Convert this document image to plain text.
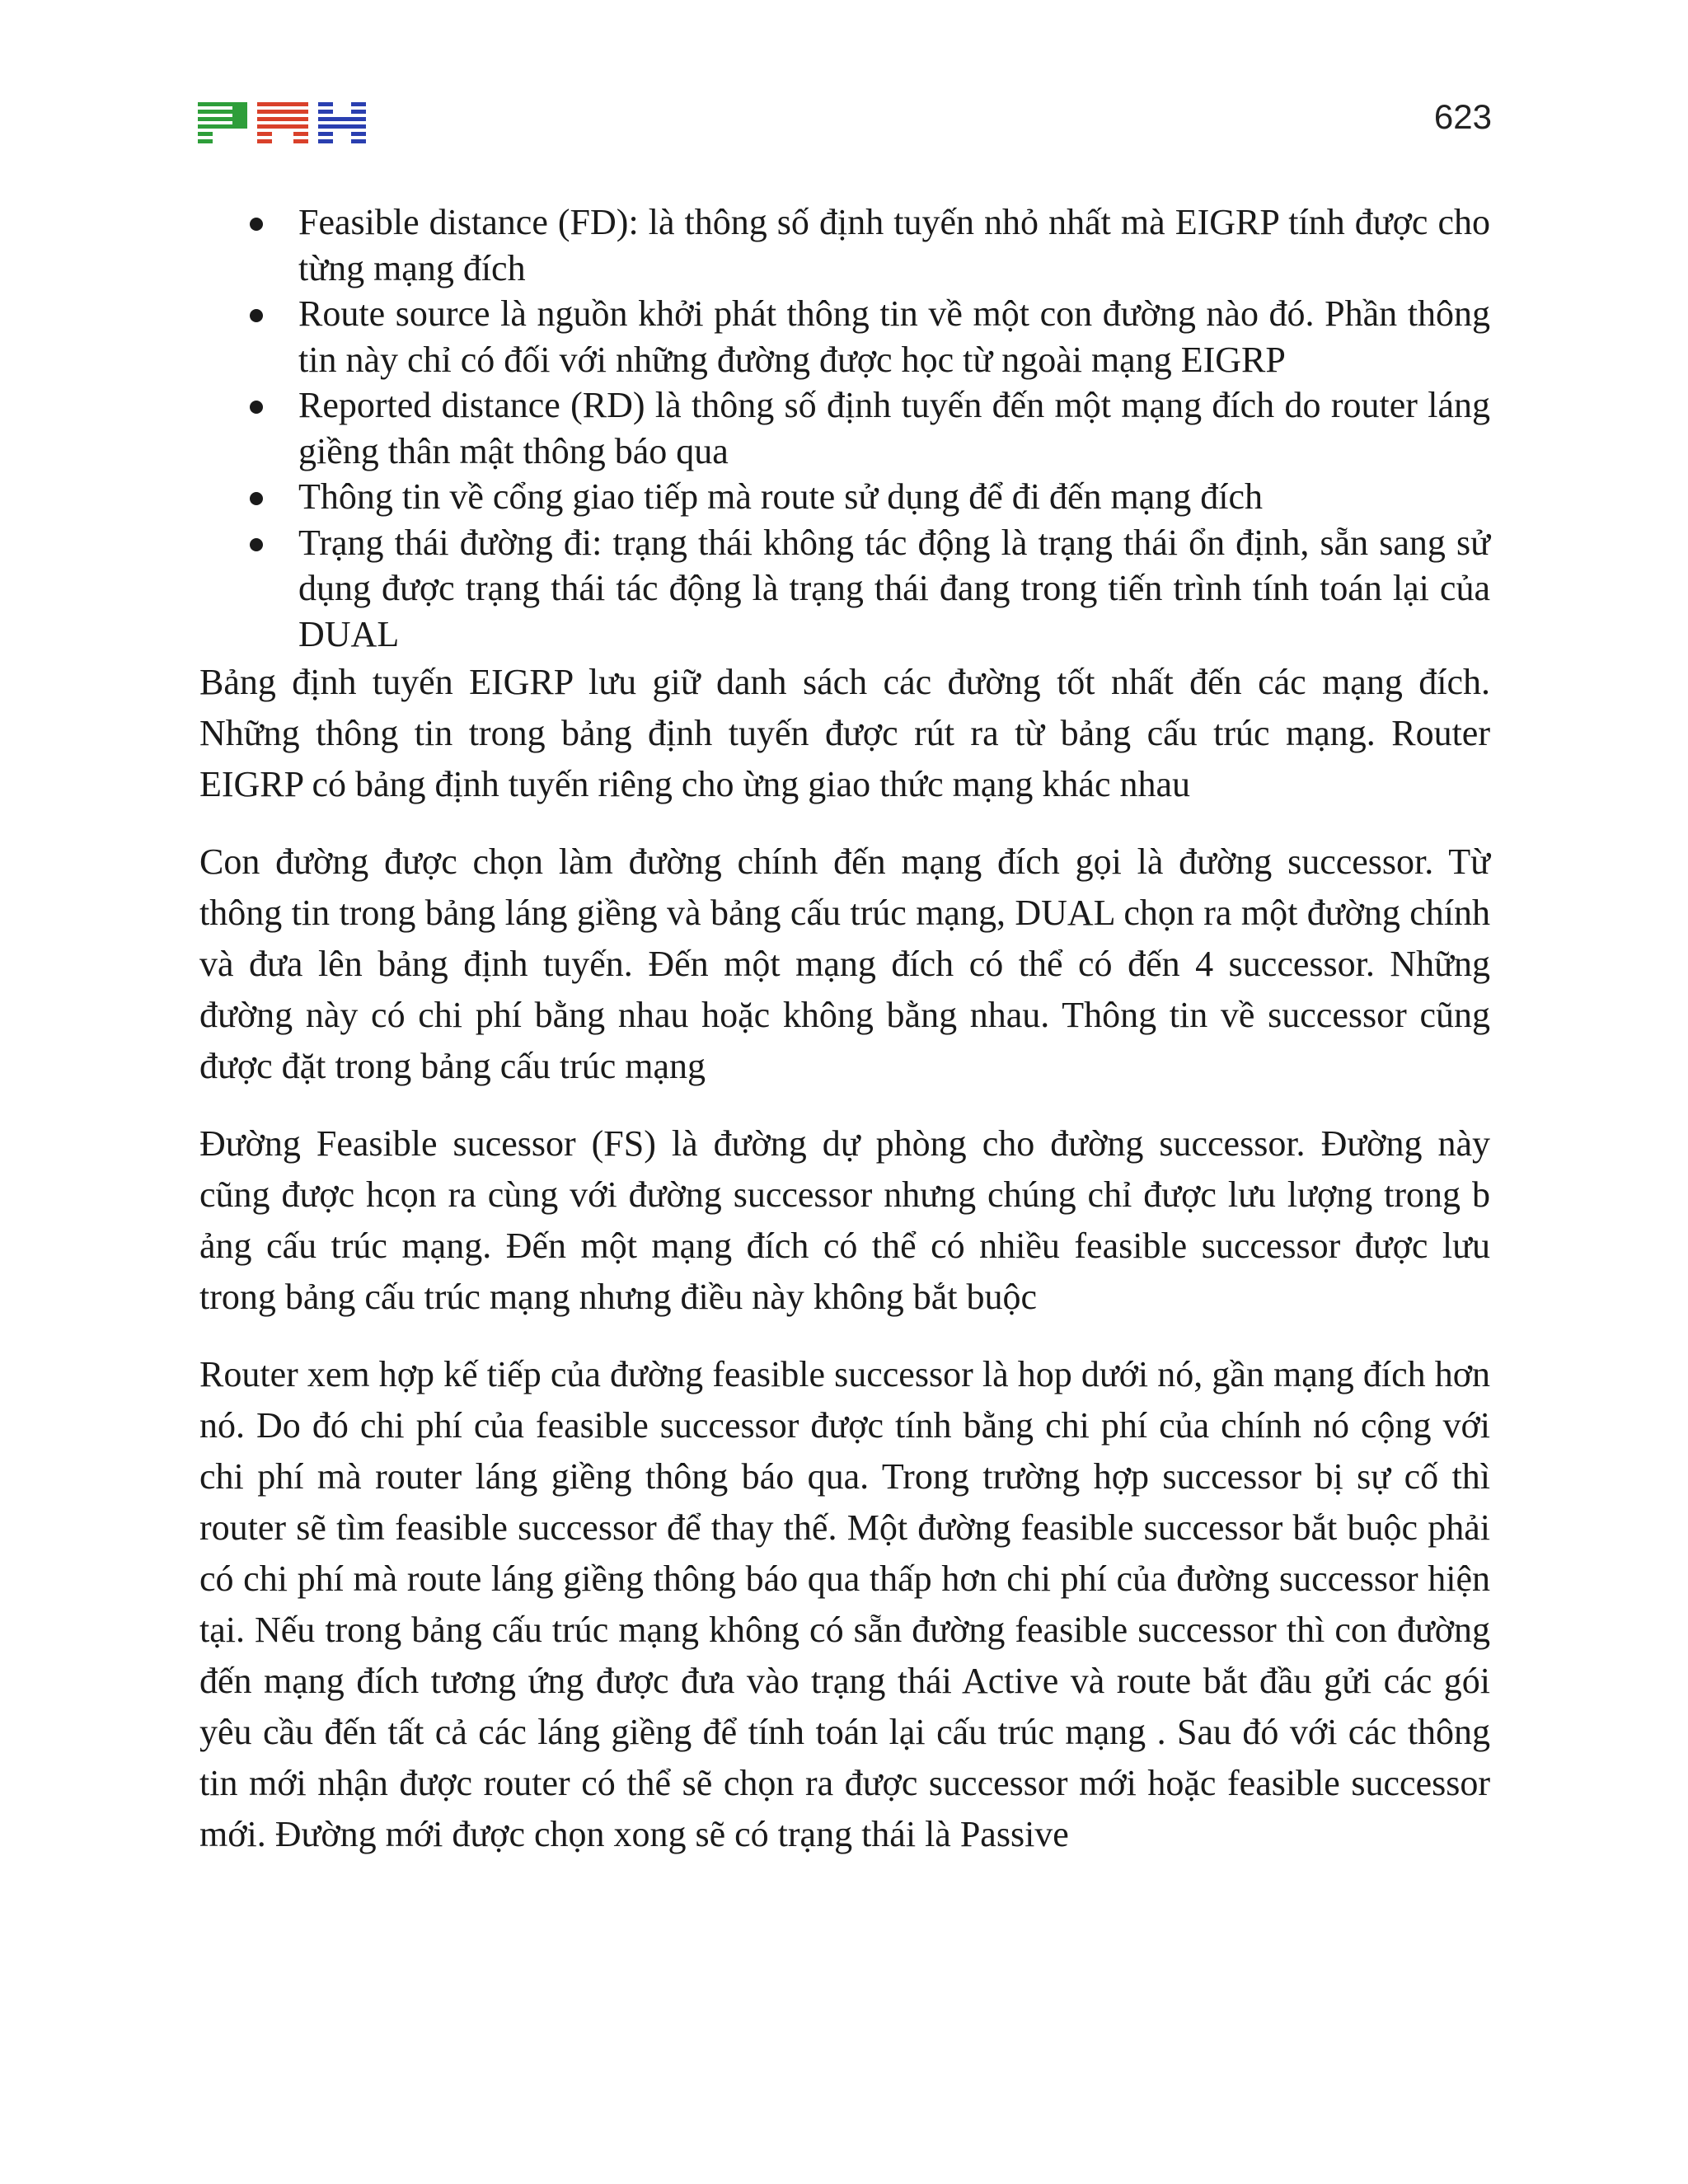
623
Feasible distance (FD): là thông số định tuyến nhỏ nhất mà EIGRP tính được cho từng mạng đích
Route source là nguồn khởi phát thông tin về một con đường nào đó. Phần thông tin này chỉ có đối với những đường được học từ ngoài mạng EIGRP
Reported distance (RD) là thông số định tuyến đến một mạng đích do router láng giềng thân mật thông báo qua
Thông tin về cổng giao tiếp mà route sử dụng để đi đến mạng đích
Trạng thái đường đi: trạng thái không tác động là trạng thái ổn định, sẵn sang sử dụng được trạng thái tác động là trạng thái đang trong tiến trình tính toán lại của DUAL

Bảng định tuyến EIGRP lưu giữ danh sách các đường tốt nhất đến các mạng đích. Những thông tin trong bảng định tuyến được rút ra từ bảng cấu trúc mạng. Router EIGRP có bảng định tuyến riêng cho ừng giao thức mạng khác nhau

Con đường được chọn làm đường chính đến mạng đích gọi là đường successor. Từ thông tin trong bảng láng giềng và bảng cấu trúc mạng, DUAL chọn ra một đường chính và đưa lên bảng định tuyến. Đến một mạng đích có thể có đến 4 successor. Những đường này có chi phí bằng nhau hoặc không bằng nhau. Thông tin về successor cũng được đặt trong bảng cấu trúc mạng

Đường Feasible sucessor (FS) là đường dự phòng cho đường successor. Đường này cũng được hcọn ra cùng với đường successor nhưng chúng chỉ được lưu lượng trong b ảng cấu trúc mạng. Đến một mạng đích có thể có nhiều feasible successor được lưu trong bảng cấu trúc mạng nhưng điều này không bắt buộc

Router xem hợp kế tiếp của đường feasible successor là hop dưới nó, gần mạng đích hơn nó. Do đó chi phí của feasible successor được tính bằng chi phí của chính nó cộng với chi phí mà router láng giềng thông báo qua. Trong trường hợp successor bị sự cố thì router sẽ tìm feasible successor để thay thế. Một đường feasible successor bắt buộc phải có chi phí mà route láng giềng thông báo qua thấp hơn chi phí của đường successor hiện tại. Nếu trong bảng cấu trúc mạng không có sẵn đường feasible successor thì con đường đến mạng đích tương ứng được đưa vào trạng thái Active và route bắt đầu gửi các gói yêu cầu đến tất cả các láng giềng để tính toán lại cấu trúc mạng . Sau đó với các thông tin mới nhận được router có thể sẽ chọn ra được successor mới hoặc feasible successor mới. Đường mới được chọn xong sẽ có trạng thái là Passive
